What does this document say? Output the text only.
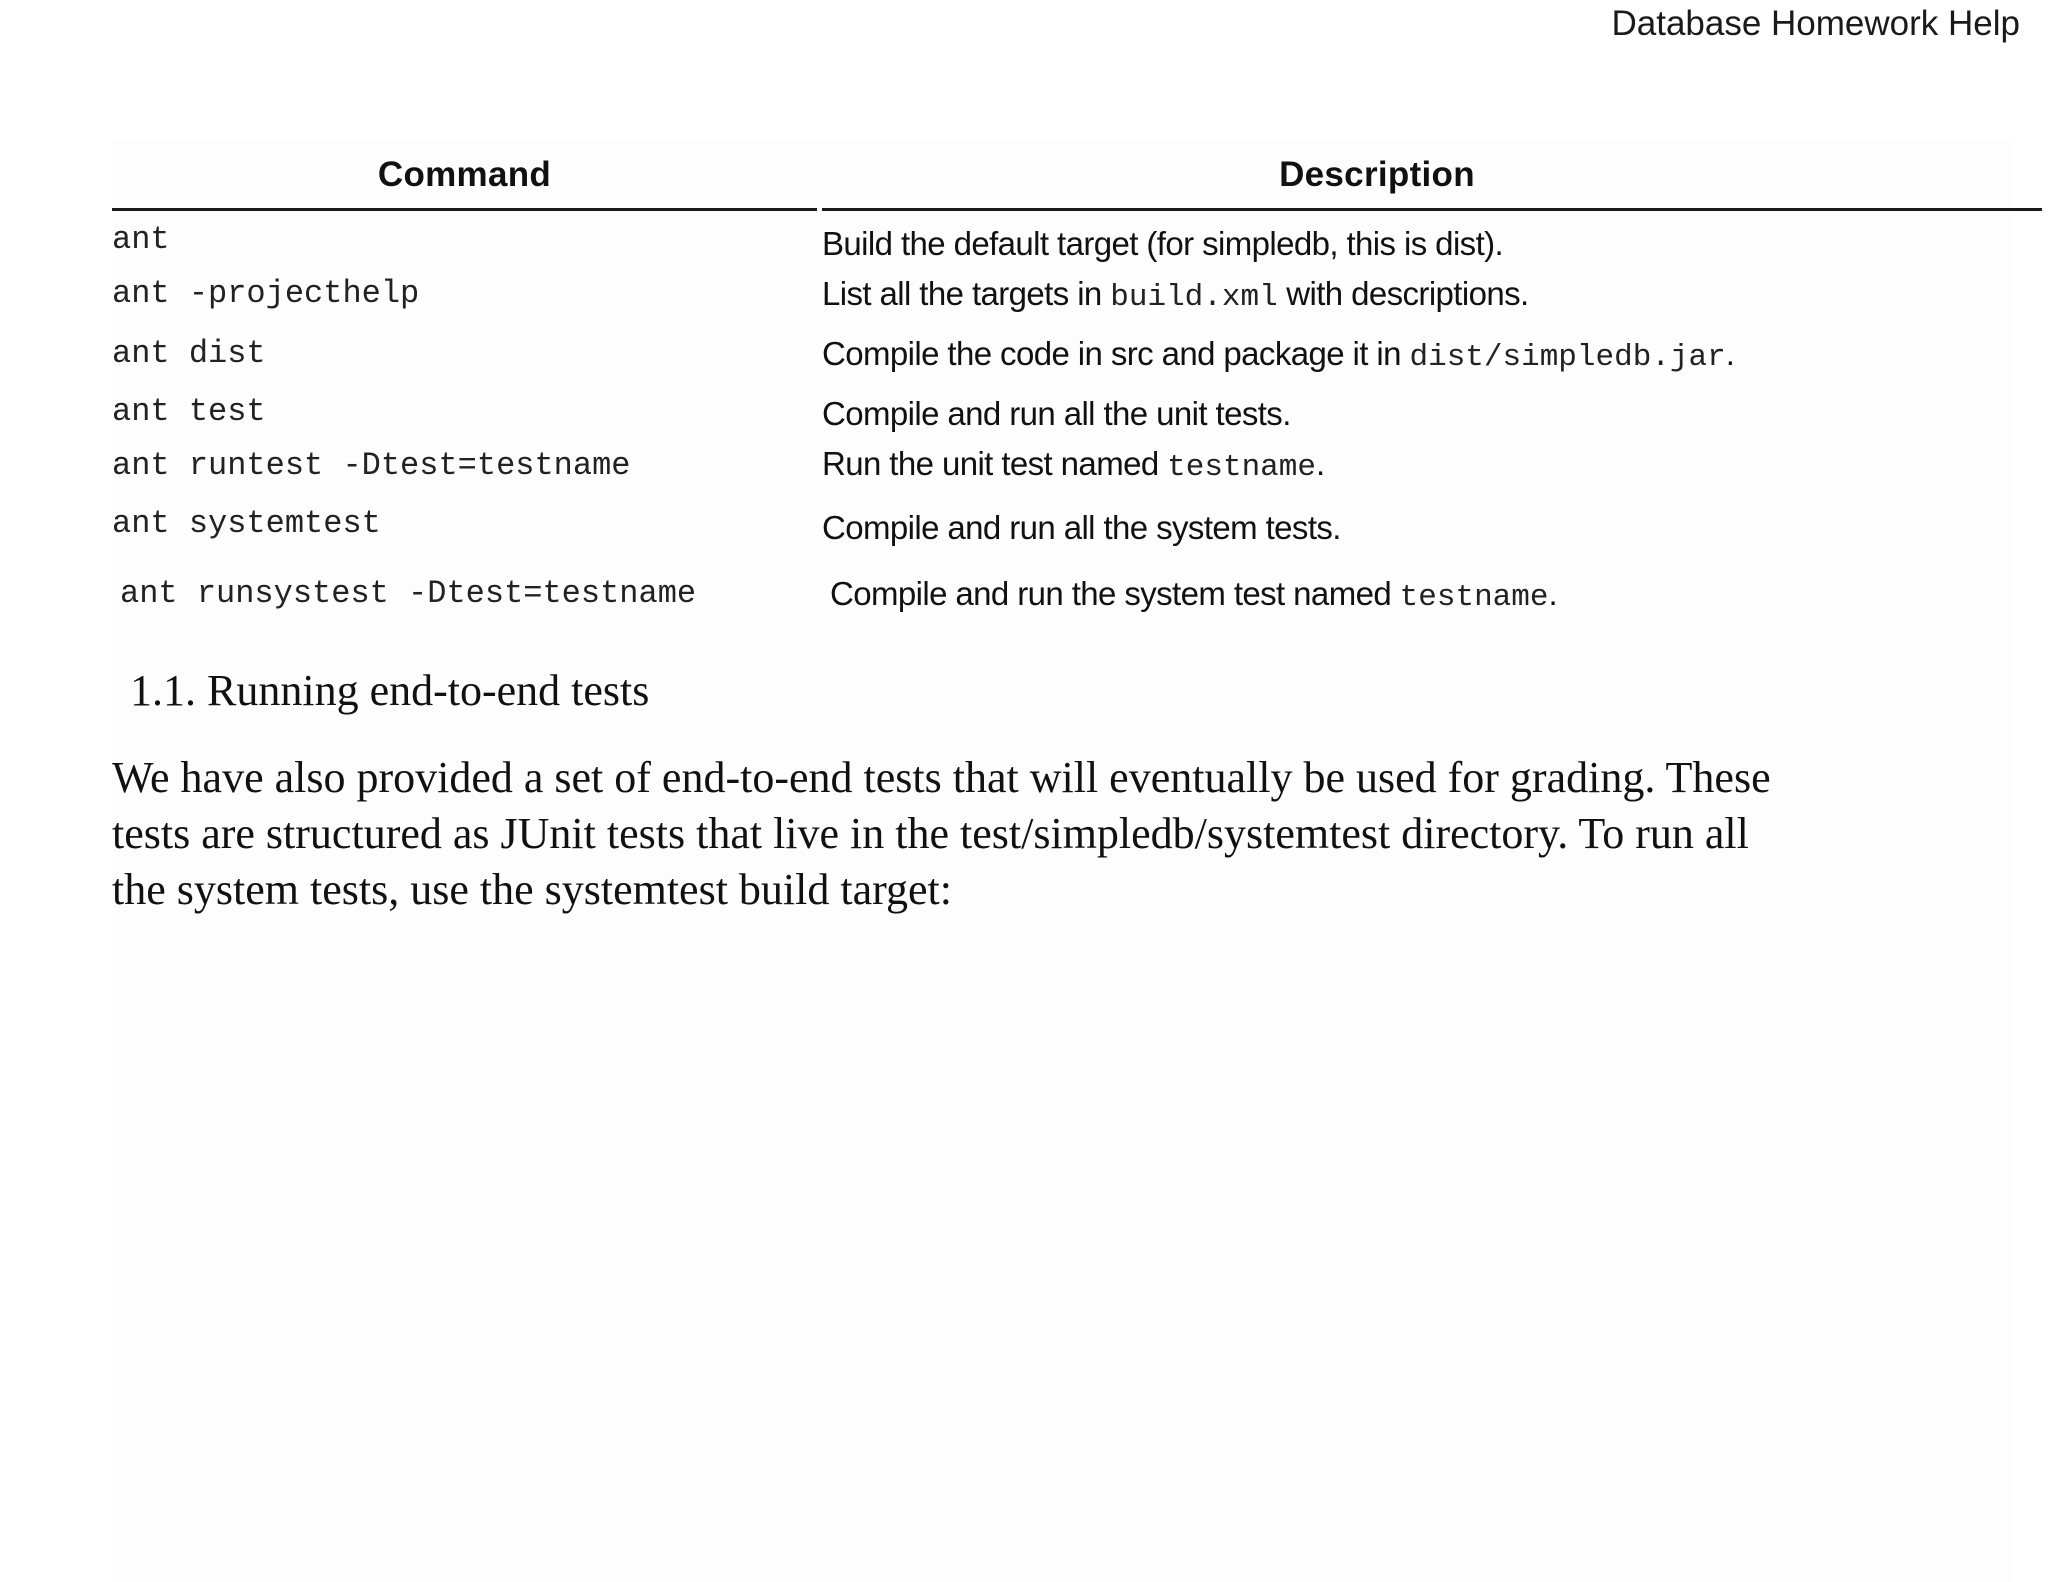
Database Homework Help
Command	Description
ant	Build the default target (for simpledb, this is dist).
ant -projecthelp	List all the targets in build.xml with descriptions.
ant dist	Compile the code in src and package it in dist/simpledb.jar.
ant test	Compile and run all the unit tests.
ant runtest -Dtest=testname	Run the unit test named testname.
ant systemtest	Compile and run all the system tests.
ant runsystest -Dtest=testname	Compile and run the system test named testname.
1.1. Running end-to-end tests
We have also provided a set of end-to-end tests that will eventually be used for grading. These
tests are structured as JUnit tests that live in the test/simpledb/systemtest directory. To run all
the system tests, use the systemtest build target:
